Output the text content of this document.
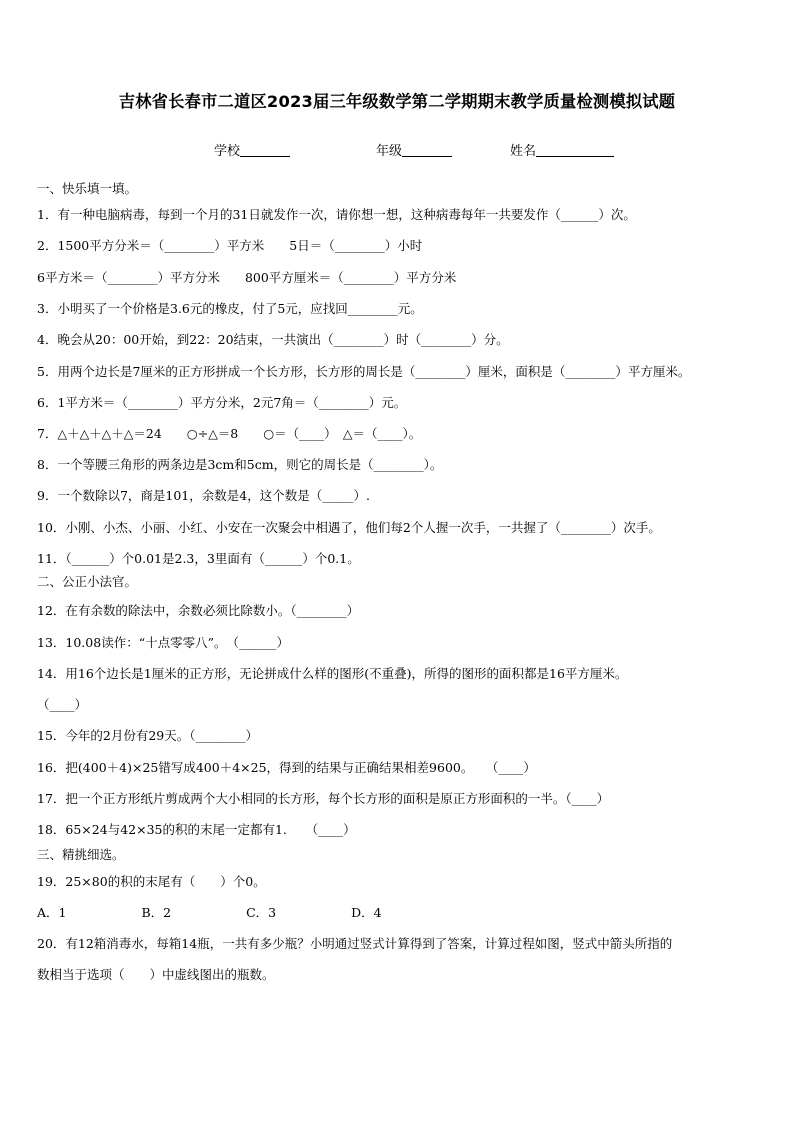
吉林省长春市二道区2023届三年级数学第二学期期末教学质量检测模拟试题
学校	年级	姓名
一、快乐填一填。
1．有一种电脑病毒，每到一个月的31日就发作一次，请你想一想，这种病毒每年一共要发作（______）次。
2．1500平方分米＝（________）平方米　　5日＝（________）小时
6平方米＝（________）平方分米　　800平方厘米＝（________）平方分米
3．小明买了一个价格是3.6元的橡皮，付了5元，应找回________元。
4．晚会从20：00开始，到22：20结束，一共演出（________）时（________）分。
5．用两个边长是7厘米的正方形拼成一个长方形，长方形的周长是（________）厘米，面积是（________）平方厘米。
6．1平方米＝（________）平方分米，2元7角＝（________）元。
7．△＋△＋△＋△＝24　　○÷△＝8　　○＝（____）　△＝（____）。
8．一个等腰三角形的两条边是3cm和5cm，则它的周长是（________）。
9．一个数除以7，商是101，余数是4，这个数是（_____）.
10．小刚、小杰、小丽、小红、小安在一次聚会中相遇了，他们每2个人握一次手，一共握了（________）次手。
11．（______）个0.01是2.3，3里面有（______）个0.1。
二、公正小法官。
12．在有余数的除法中，余数必须比除数小。（________）
13．10.08读作：“十点零零八”。　（______）
14．用16个边长是1厘米的正方形，无论拼成什么样的图形(不重叠)，所得的图形的面积都是16平方厘米。
（____）
15．今年的2月份有29天。（________）
16．把(400＋4)×25错写成400＋4×25，得到的结果与正确结果相差9600。　　（____）
17．把一个正方形纸片剪成两个大小相同的长方形，每个长方形的面积是原正方形面积的一半。（____）
18．65×24与42×35的积的末尾一定都有1.　　（____）
三、精挑细选。
19．25×80的积的末尾有（　　）个0。
A．1　　　　　　B．2　　　　　　C．3　　　　　　D．4
20．有12箱消毒水，每箱14瓶，一共有多少瓶？小明通过竖式计算得到了答案，计算过程如图，竖式中箭头所指的
数相当于选项（　　）中虚线图出的瓶数。
